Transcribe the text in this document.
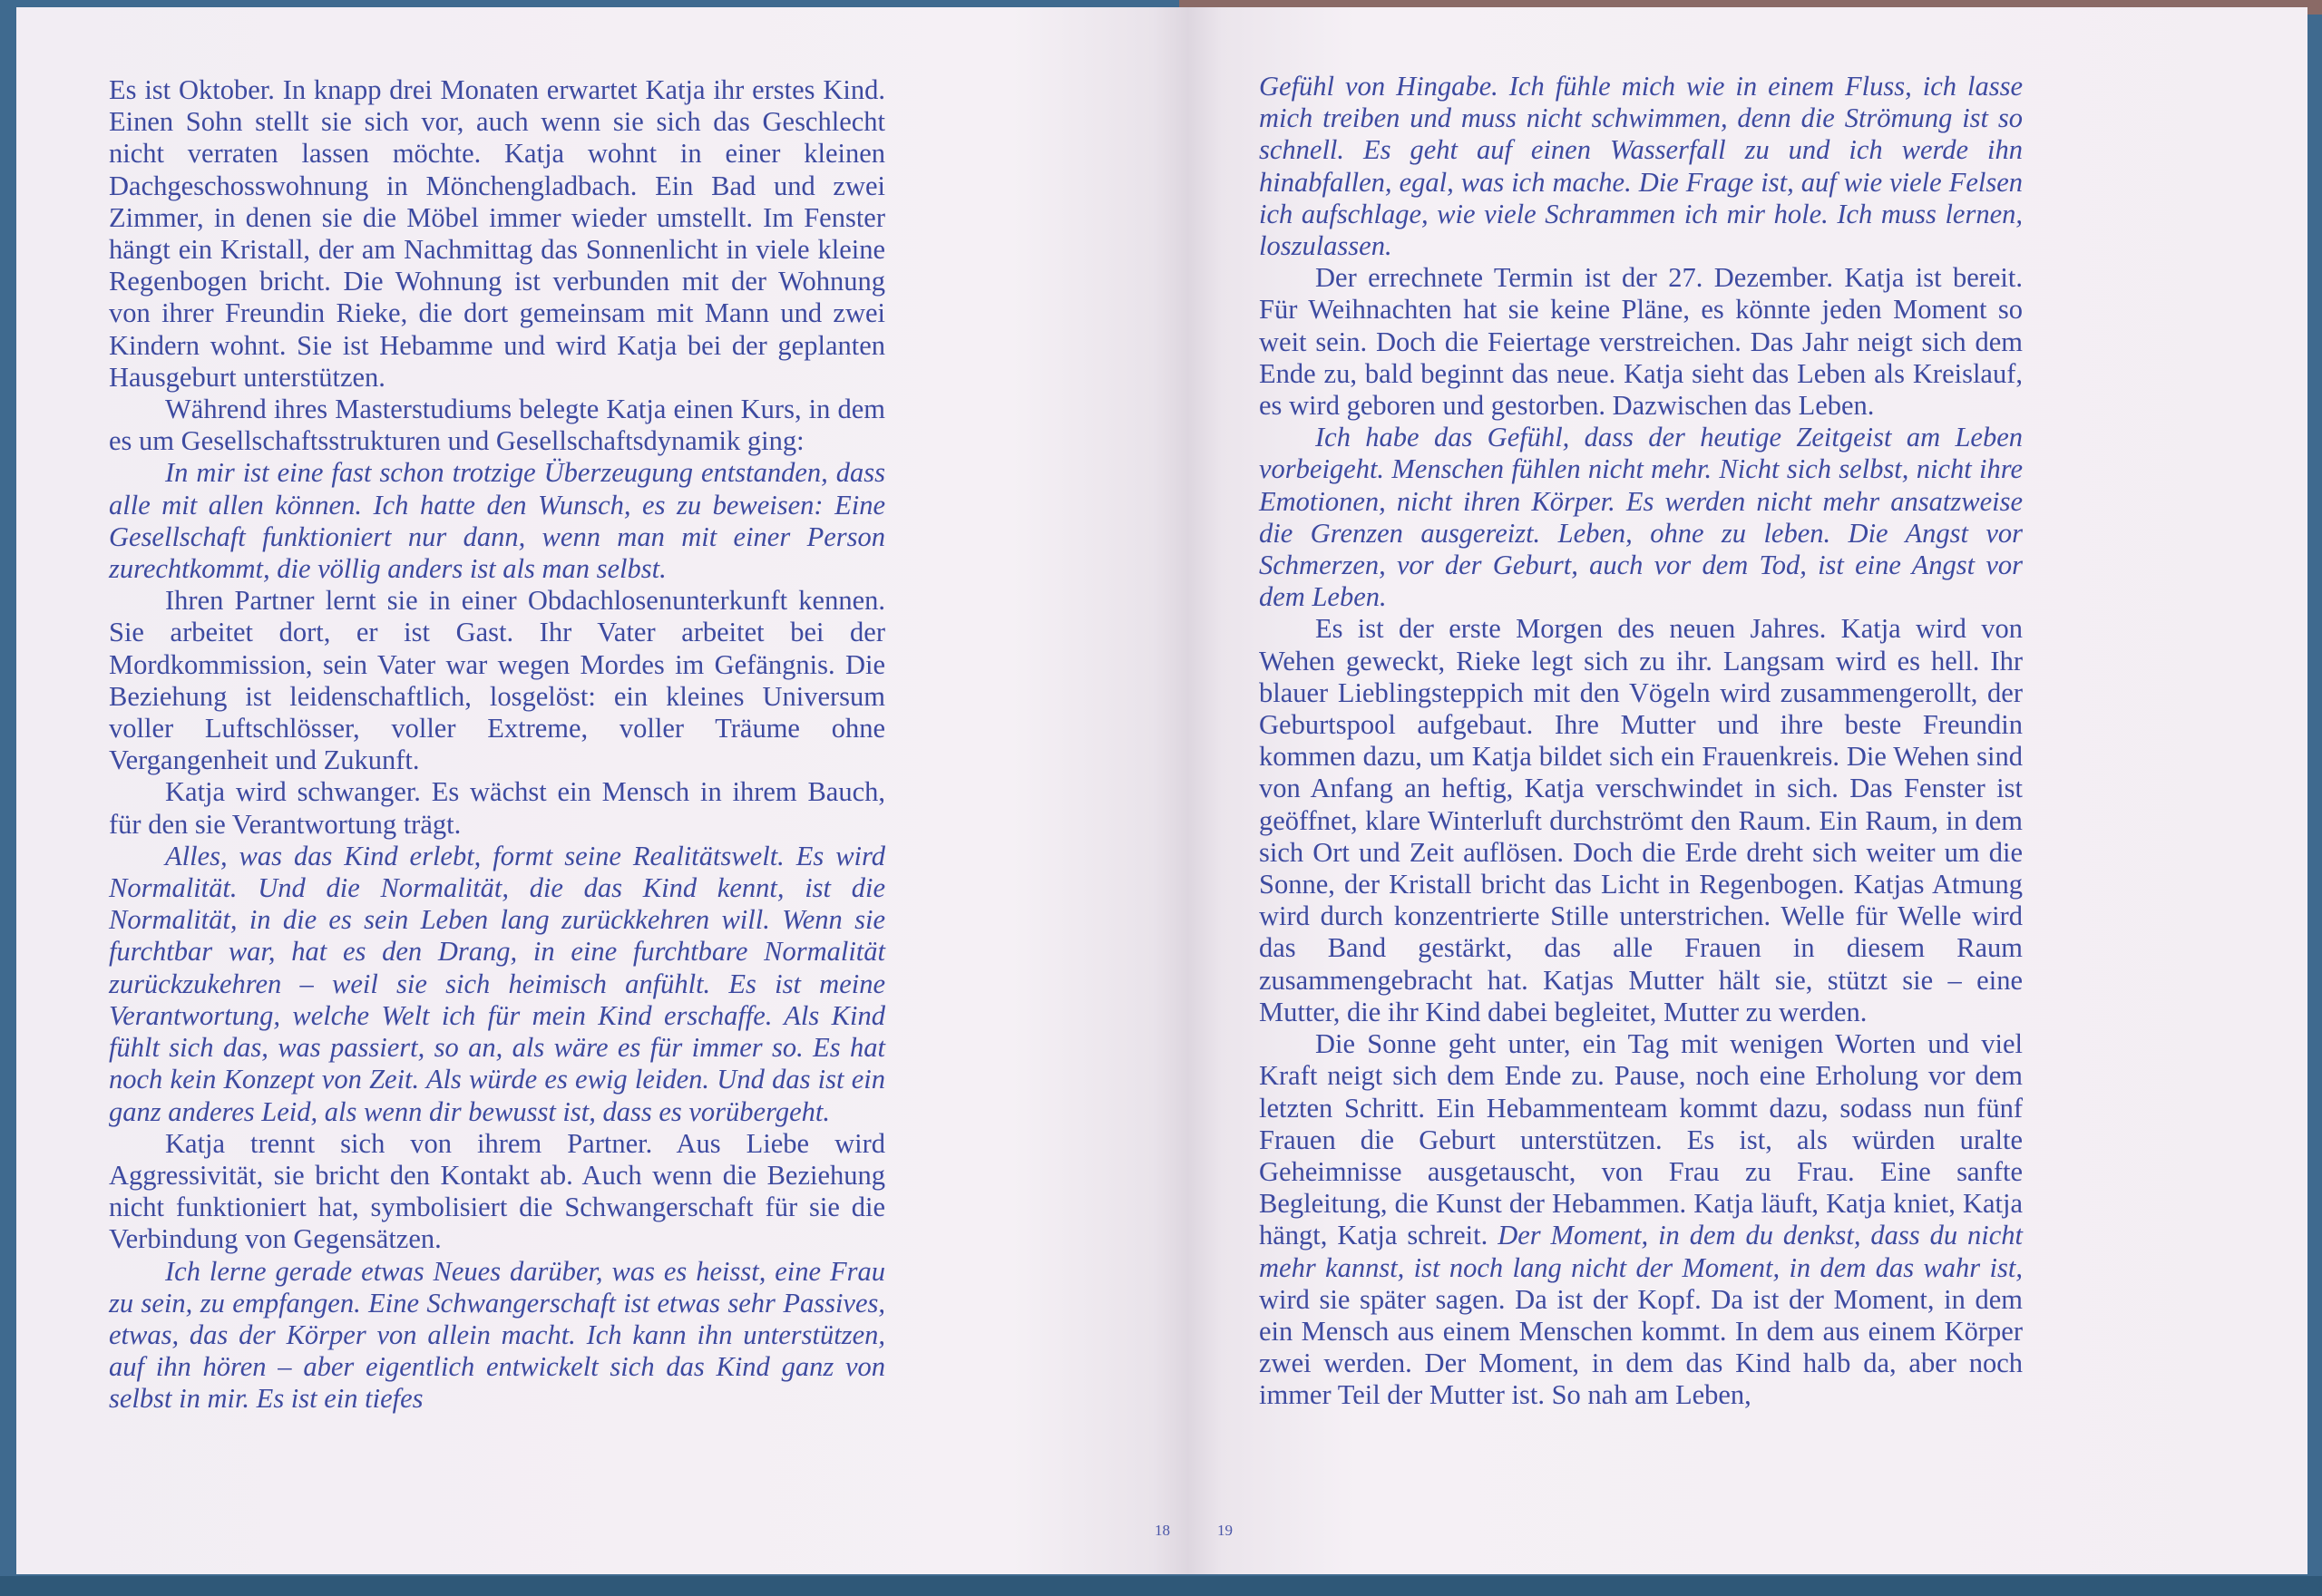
Es ist Oktober. In knapp drei Monaten erwartet Katja ihr erstes Kind. Einen Sohn stellt sie sich vor, auch wenn sie sich das Geschlecht nicht verraten lassen möchte. Katja wohnt in einer kleinen Dachgeschosswohnung in Mönchengladbach. Ein Bad und zwei Zimmer, in denen sie die Möbel immer wieder umstellt. Im Fenster hängt ein Kristall, der am Nachmittag das Sonnenlicht in viele kleine Regenbogen bricht. Die Wohnung ist verbunden mit der Wohnung von ihrer Freundin Rieke, die dort gemeinsam mit Mann und zwei Kindern wohnt. Sie ist Hebamme und wird Katja bei der geplanten Hausgeburt unterstützen.

Während ihres Masterstudiums belegte Katja einen Kurs, in dem es um Gesellschaftsstrukturen und Gesellschaftsdynamik ging:

In mir ist eine fast schon trotzige Überzeugung entstanden, dass alle mit allen können. Ich hatte den Wunsch, es zu beweisen: Eine Gesellschaft funktioniert nur dann, wenn man mit einer Person zurechtkommt, die völlig anders ist als man selbst.

Ihren Partner lernt sie in einer Obdachlosenunterkunft kennen. Sie arbeitet dort, er ist Gast. Ihr Vater arbeitet bei der Mordkommission, sein Vater war wegen Mordes im Gefängnis. Die Beziehung ist leidenschaftlich, losgelöst: ein kleines Universum voller Luftschlösser, voller Extreme, voller Träume ohne Vergangenheit und Zukunft.

Katja wird schwanger. Es wächst ein Mensch in ihrem Bauch, für den sie Verantwortung trägt.

Alles, was das Kind erlebt, formt seine Realitätswelt. Es wird Normalität. Und die Normalität, die das Kind kennt, ist die Normalität, in die es sein Leben lang zurückkehren will. Wenn sie furchtbar war, hat es den Drang, in eine furchtbare Normalität zurückzukehren – weil sie sich heimisch anfühlt. Es ist meine Verantwortung, welche Welt ich für mein Kind erschaffe. Als Kind fühlt sich das, was passiert, so an, als wäre es für immer so. Es hat noch kein Konzept von Zeit. Als würde es ewig leiden. Und das ist ein ganz anderes Leid, als wenn dir bewusst ist, dass es vorübergeht.

Katja trennt sich von ihrem Partner. Aus Liebe wird Aggressivität, sie bricht den Kontakt ab. Auch wenn die Beziehung nicht funktioniert hat, symbolisiert die Schwangerschaft für sie die Verbindung von Gegensätzen.

Ich lerne gerade etwas Neues darüber, was es heisst, eine Frau zu sein, zu empfangen. Eine Schwangerschaft ist etwas sehr Passives, etwas, das der Körper von allein macht. Ich kann ihn unterstützen, auf ihn hören – aber eigentlich entwickelt sich das Kind ganz von selbst in mir. Es ist ein tiefes

18	19

Gefühl von Hingabe. Ich fühle mich wie in einem Fluss, ich lasse mich treiben und muss nicht schwimmen, denn die Strömung ist so schnell. Es geht auf einen Wasserfall zu und ich werde ihn hinabfallen, egal, was ich mache. Die Frage ist, auf wie viele Felsen ich aufschlage, wie viele Schrammen ich mir hole. Ich muss lernen, loszulassen.

Der errechnete Termin ist der 27. Dezember. Katja ist bereit. Für Weihnachten hat sie keine Pläne, es könnte jeden Moment so weit sein. Doch die Feiertage verstreichen. Das Jahr neigt sich dem Ende zu, bald beginnt das neue. Katja sieht das Leben als Kreislauf, es wird geboren und gestorben. Dazwischen das Leben.

Ich habe das Gefühl, dass der heutige Zeitgeist am Leben vorbeigeht. Menschen fühlen nicht mehr. Nicht sich selbst, nicht ihre Emotionen, nicht ihren Körper. Es werden nicht mehr ansatzweise die Grenzen ausgereizt. Leben, ohne zu leben. Die Angst vor Schmerzen, vor der Geburt, auch vor dem Tod, ist eine Angst vor dem Leben.

Es ist der erste Morgen des neuen Jahres. Katja wird von Wehen geweckt, Rieke legt sich zu ihr. Langsam wird es hell. Ihr blauer Lieblingsteppich mit den Vögeln wird zusammengerollt, der Geburtspool aufgebaut. Ihre Mutter und ihre beste Freundin kommen dazu, um Katja bildet sich ein Frauenkreis. Die Wehen sind von Anfang an heftig, Katja verschwindet in sich. Das Fenster ist geöffnet, klare Winterluft durchströmt den Raum. Ein Raum, in dem sich Ort und Zeit auflösen. Doch die Erde dreht sich weiter um die Sonne, der Kristall bricht das Licht in Regenbogen. Katjas Atmung wird durch konzentrierte Stille unterstrichen. Welle für Welle wird das Band gestärkt, das alle Frauen in diesem Raum zusammengebracht hat. Katjas Mutter hält sie, stützt sie – eine Mutter, die ihr Kind dabei begleitet, Mutter zu werden.

Die Sonne geht unter, ein Tag mit wenigen Worten und viel Kraft neigt sich dem Ende zu. Pause, noch eine Erholung vor dem letzten Schritt. Ein Hebammenteam kommt dazu, sodass nun fünf Frauen die Geburt unterstützen. Es ist, als würden uralte Geheimnisse ausgetauscht, von Frau zu Frau. Eine sanfte Begleitung, die Kunst der Hebammen. Katja läuft, Katja kniet, Katja hängt, Katja schreit. Der Moment, in dem du denkst, dass du nicht mehr kannst, ist noch lang nicht der Moment, in dem das wahr ist, wird sie später sagen. Da ist der Kopf. Da ist der Moment, in dem ein Mensch aus einem Menschen kommt. In dem aus einem Körper zwei werden. Der Moment, in dem das Kind halb da, aber noch immer Teil der Mutter ist. So nah am Leben,
